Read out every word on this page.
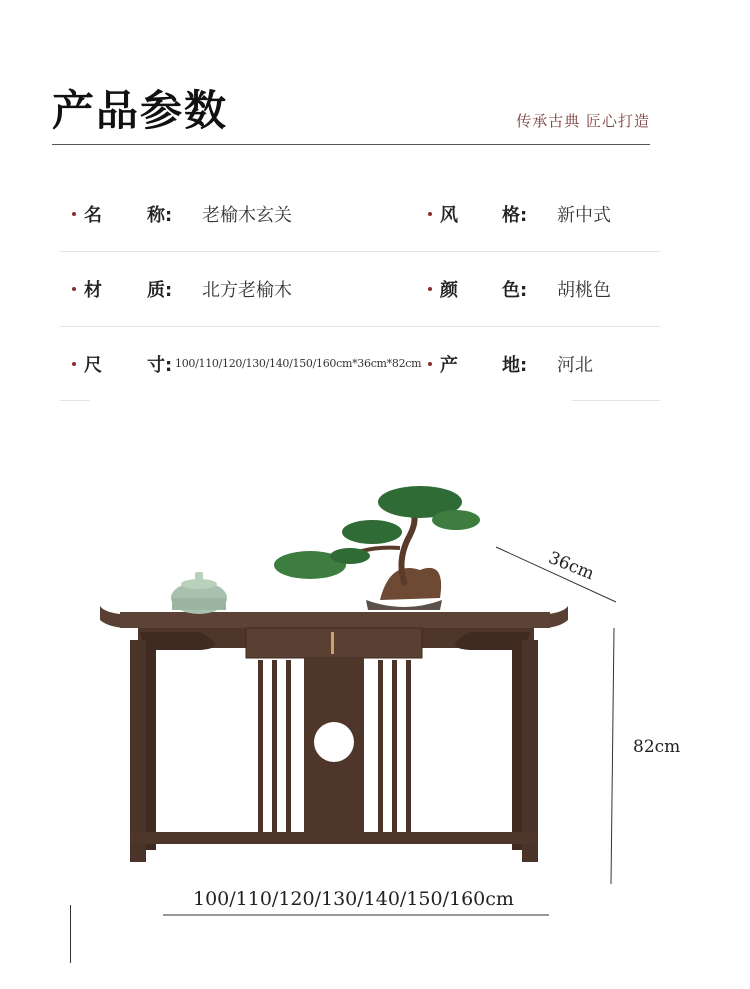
产品参数	传承古典 匠心打造
名	称: 老榆木玄关	风 格: 新中式
材	质: 北方老榆木	颜 色: 胡桃色
尺	寸: 100/110/120/130/140/150/160cm*36cm*82cm 产 地: 河北
36cm
82cm
100/110/120/130/140/150/160cm
